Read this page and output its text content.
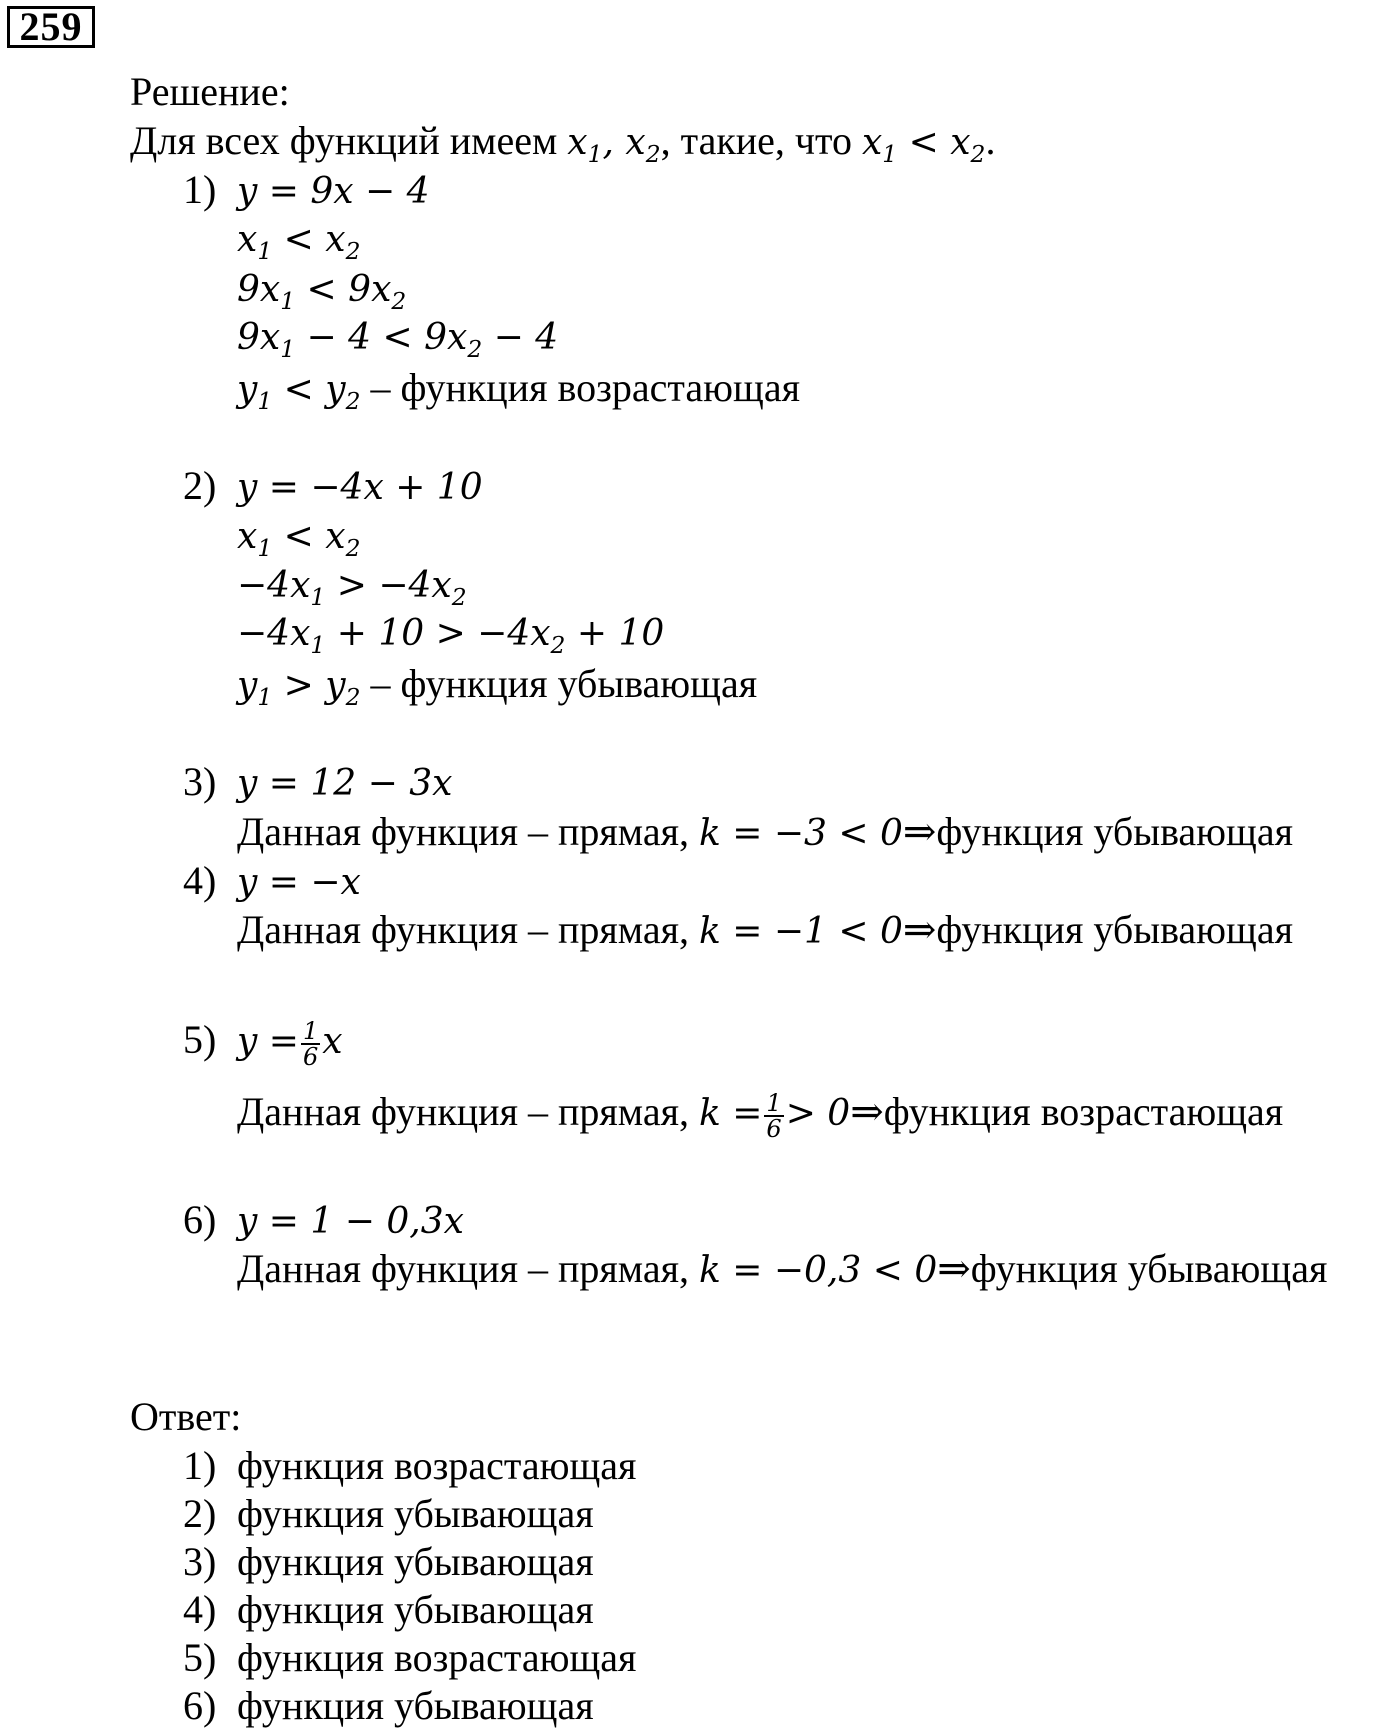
259
Решение:
Для всех функций имеем $x_1$, $x_2$, такие, что $x_1 < x_2$.
1) y = 9x − 4
$x_1 < x_2$
$9x_1 < 9x_2$
$9x_1 - 4 < 9x_2 - 4$
$y_1 < y_2$ – функция возрастающая
2) y = −4x + 10
$x_1 < x_2$
$-4x_1 > -4x_2$
$-4x_1 + 10 > -4x_2 + 10$
$y_1 > y_2$ – функция убывающая
3) y = 12 − 3x
Данная функция – прямая, k = −3 < 0⇒функция убывающая
4) y = −x
Данная функция – прямая, k = −1 < 0⇒функция убывающая
5) $y = \frac{1}{6}$ x
Данная функция – прямая, $k = \frac{1}{6}$ > 0⇒функция возрастающая
6) y = 1 − 0,3x
Данная функция – прямая, k = −0,3 < 0⇒функция убывающая
Ответ:
1) функция возрастающая
2) функция убывающая
3) функция убывающая
4) функция убывающая
5) функция возрастающая
6) функция убывающая
